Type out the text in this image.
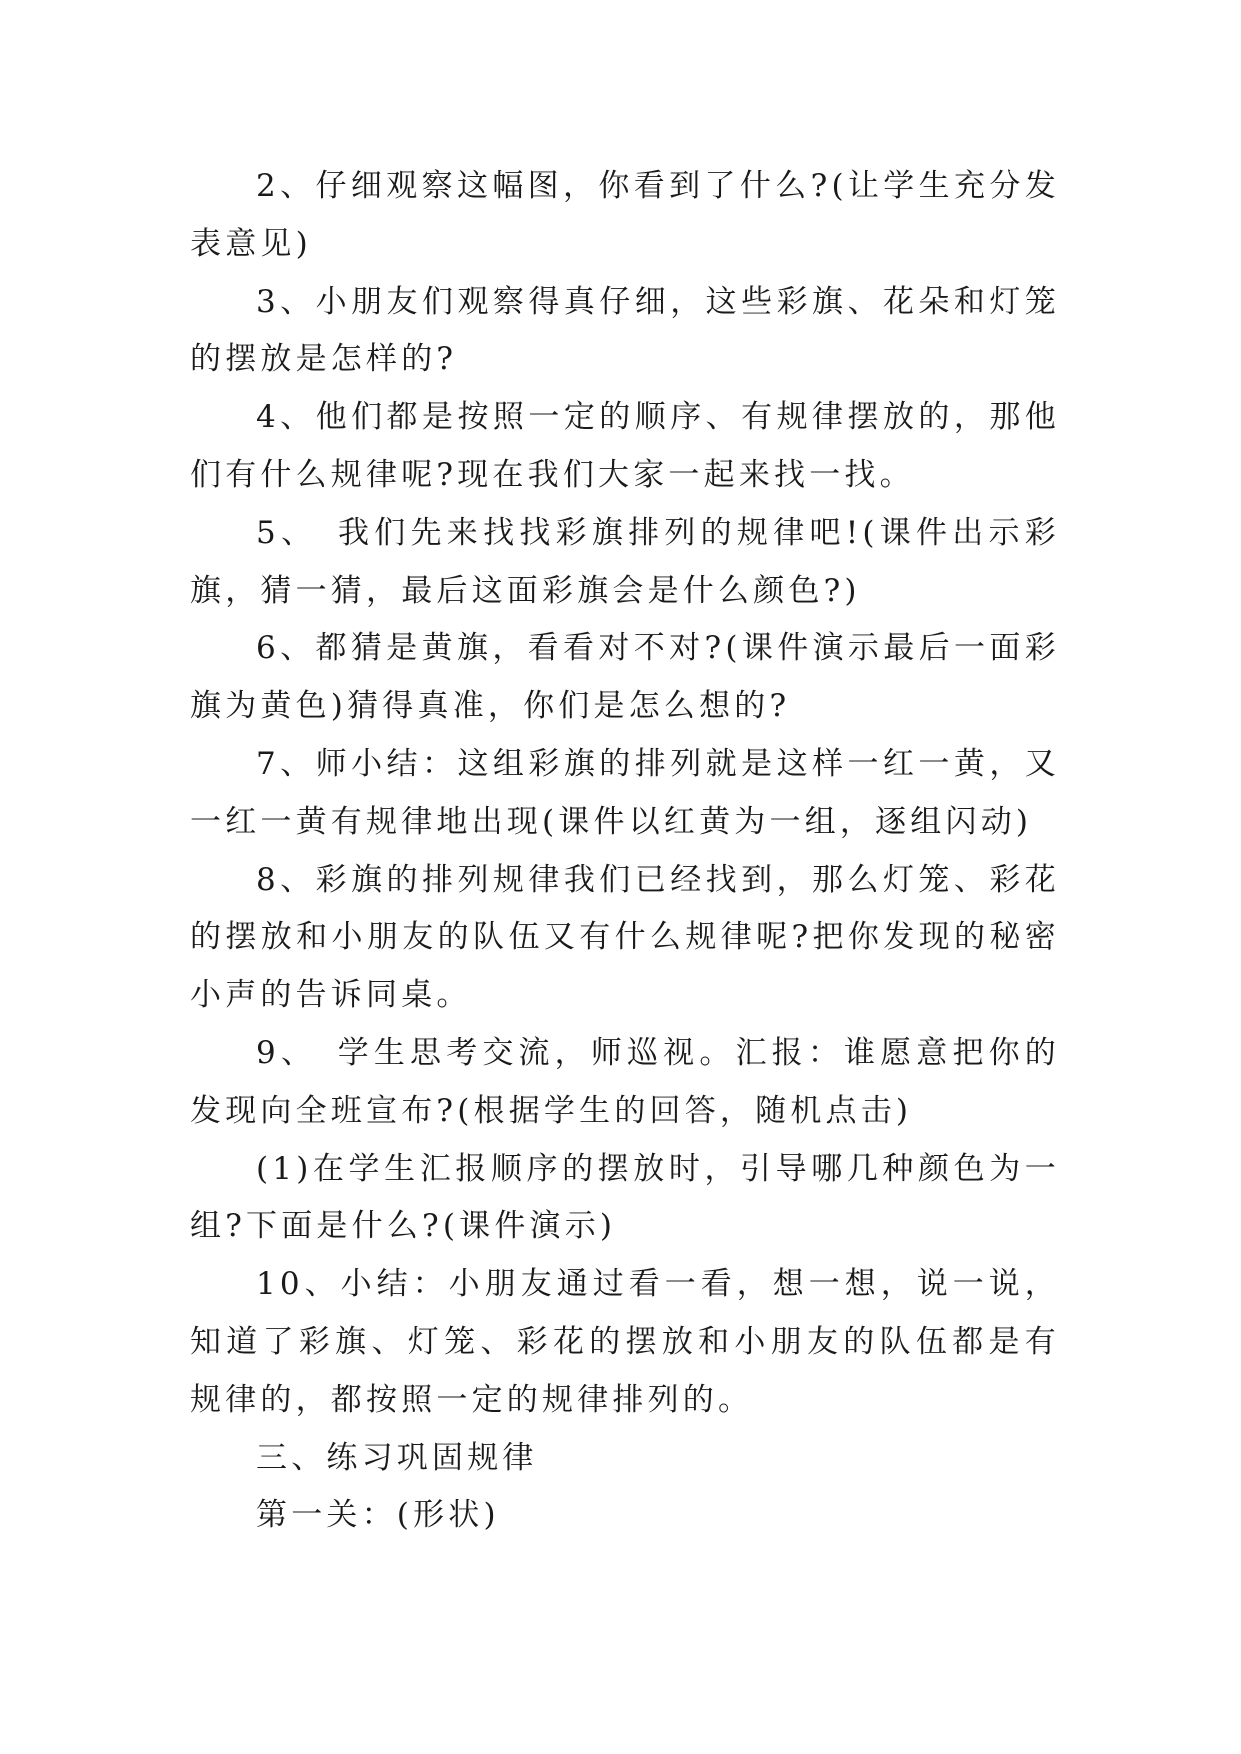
2、仔细观察这幅图，你看到了什么?(让学生充分发表意见)

3、小朋友们观察得真仔细，这些彩旗、花朵和灯笼的摆放是怎样的?

4、他们都是按照一定的顺序、有规律摆放的，那他们有什么规律呢?现在我们大家一起来找一找。

5、　我们先来找找彩旗排列的规律吧!(课件出示彩旗，猜一猜，最后这面彩旗会是什么颜色?)

6、都猜是黄旗，看看对不对?(课件演示最后一面彩旗为黄色)猜得真准，你们是怎么想的?

7、师小结：这组彩旗的排列就是这样一红一黄，又一红一黄有规律地出现(课件以红黄为一组，逐组闪动)

8、彩旗的排列规律我们已经找到，那么灯笼、彩花的摆放和小朋友的队伍又有什么规律呢?把你发现的秘密小声的告诉同桌。

9、　学生思考交流，师巡视。汇报：谁愿意把你的发现向全班宣布?(根据学生的回答，随机点击)

(1)在学生汇报顺序的摆放时，引导哪几种颜色为一组?下面是什么?(课件演示)

10、小结：小朋友通过看一看，想一想，说一说，知道了彩旗、灯笼、彩花的摆放和小朋友的队伍都是有规律的，都按照一定的规律排列的。

三、练习巩固规律

第一关：(形状)
